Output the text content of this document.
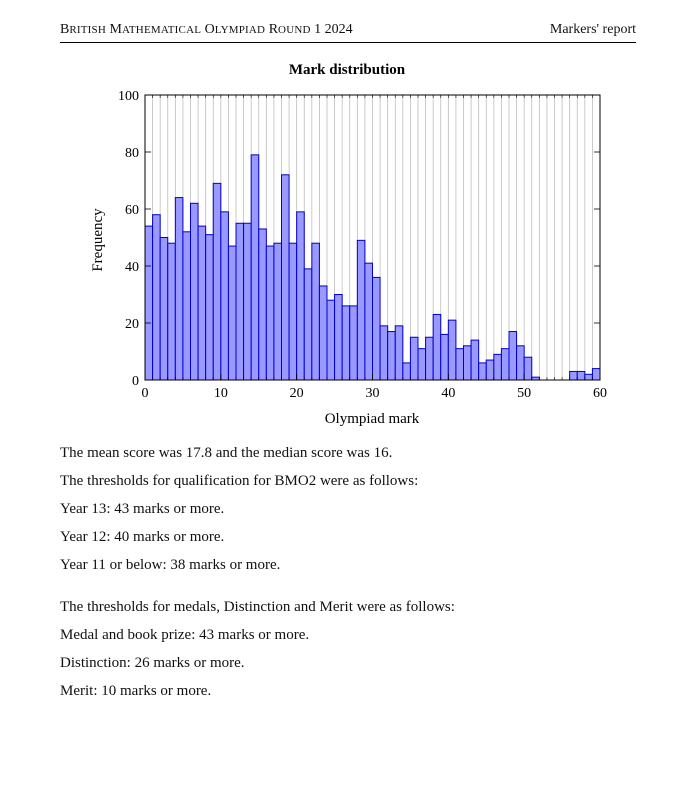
BRITISH MATHEMATICAL OLYMPIAD ROUND 1 2024	Markers' report
Mark distribution
Olympiad mark
Frequency
0	10	20	30	40	50	60
0
20
40
60
80
100

The mean score was 17.8 and the median score was 16.

The thresholds for qualification for BMO2 were as follows:

Year 13: 43 marks or more.

Year 12: 40 marks or more.

Year 11 or below: 38 marks or more.

The thresholds for medals, Distinction and Merit were as follows:

Medal and book prize: 43 marks or more.

Distinction: 26 marks or more.

Merit: 10 marks or more.
